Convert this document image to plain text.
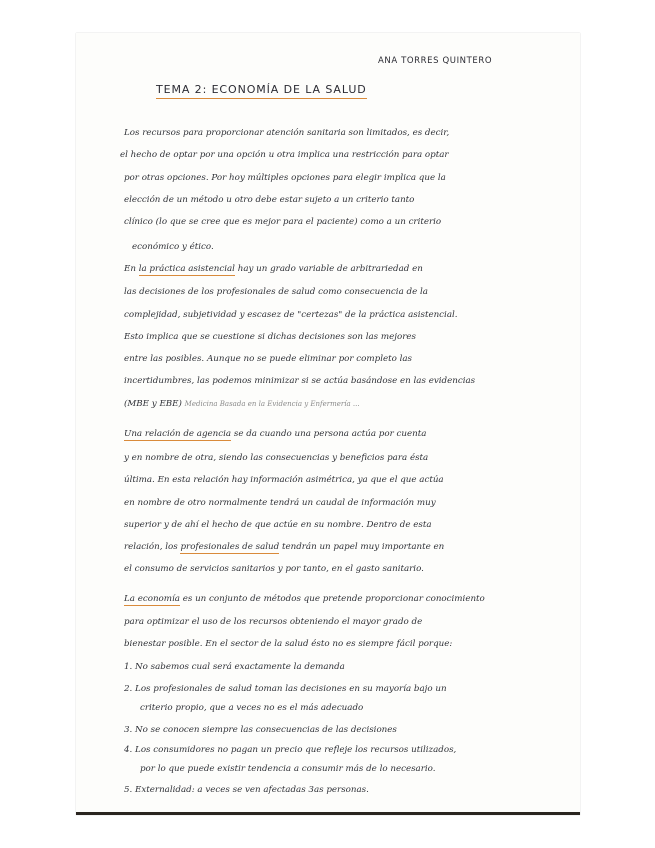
ANA TORRES QUINTERO
TEMA 2: ECONOMÍA DE LA SALUD
Los recursos para proporcionar atención sanitaria son limitados, es decir,
el hecho de optar por una opción u otra implica una restricción para optar
por otras opciones. Por hoy múltiples opciones para elegir implica que la
elección de un método u otro debe estar sujeto a un criterio tanto
clínico (lo que se cree que es mejor para el paciente) como a un criterio
económico y ético.
En la práctica asistencial hay un grado variable de arbitrariedad en
las decisiones de los profesionales de salud como consecuencia de la
complejidad, subjetividad y escasez de "certezas" de la práctica asistencial.
Esto implica que se cuestione si dichas decisiones son las mejores
entre las posibles. Aunque no se puede eliminar por completo las
incertidumbres, las podemos minimizar si se actúa basándose en las evidencias
(MBE y EBE) Medicina Basada en la Evidencia y Enfermería ...
Una relación de agencia se da cuando una persona actúa por cuenta
y en nombre de otra, siendo las consecuencias y beneficios para ésta
última. En esta relación hay información asimétrica, ya que el que actúa
en nombre de otro normalmente tendrá un caudal de información muy
superior y de ahí el hecho de que actúe en su nombre. Dentro de esta
relación, los profesionales de salud tendrán un papel muy importante en
el consumo de servicios sanitarios y por tanto, en el gasto sanitario.
La economía es un conjunto de métodos que pretende proporcionar conocimiento
para optimizar el uso de los recursos obteniendo el mayor grado de
bienestar posible. En el sector de la salud ésto no es siempre fácil porque:
1. No sabemos cual será exactamente la demanda
2. Los profesionales de salud toman las decisiones en su mayoría bajo un
criterio propio, que a veces no es el más adecuado
3. No se conocen siempre las consecuencias de las decisiones
4. Los consumidores no pagan un precio que refleje los recursos utilizados,
por lo que puede existir tendencia a consumir más de lo necesario.
5. Externalidad: a veces se ven afectadas 3as personas.
